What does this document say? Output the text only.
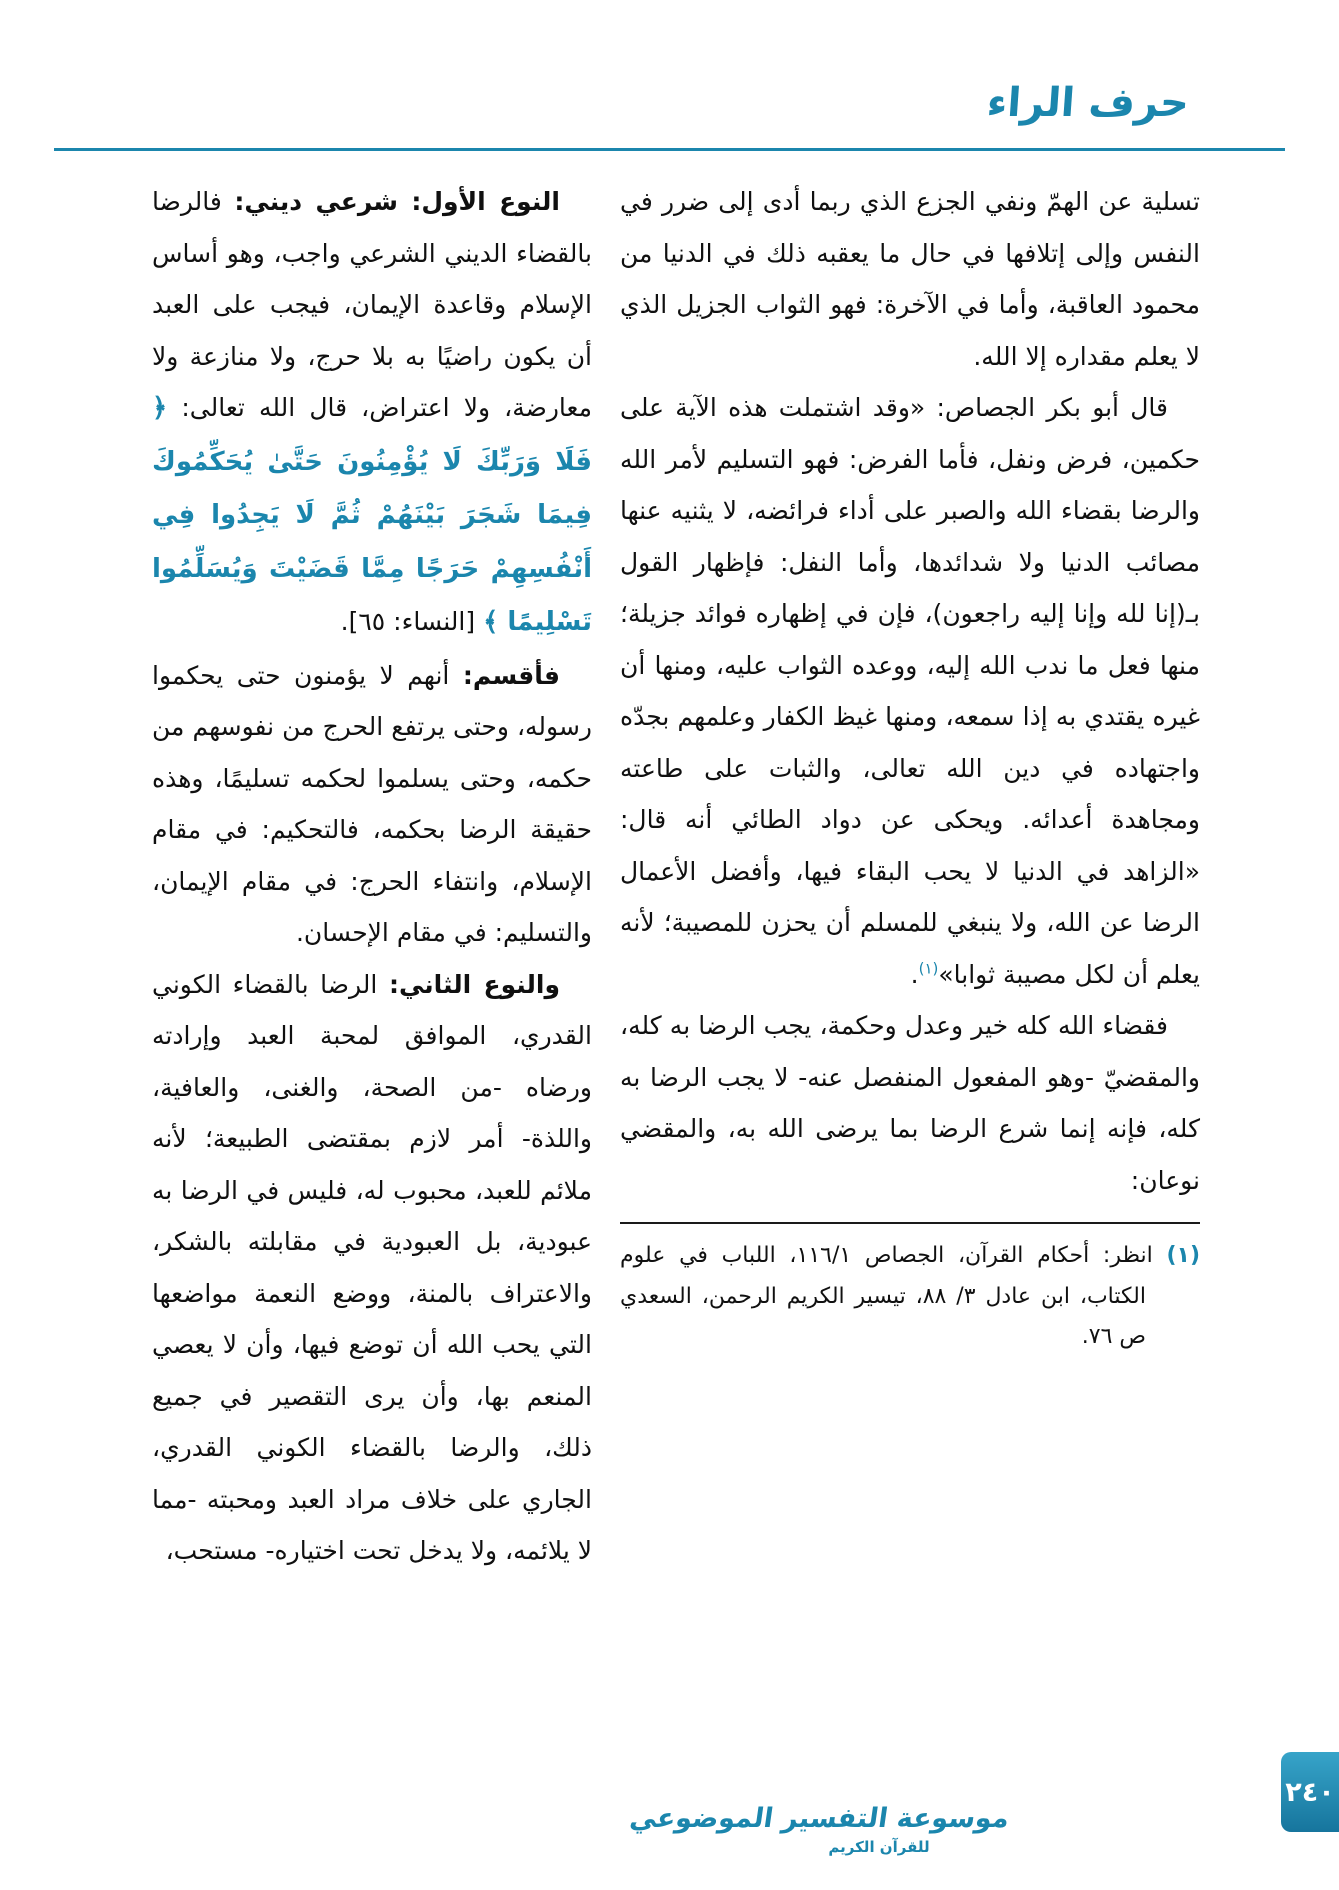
حرف الراء

تسلية عن الهمّ ونفي الجزع الذي ربما أدى إلى ضرر في النفس وإلى إتلافها في حال ما يعقبه ذلك في الدنيا من محمود العاقبة، وأما في الآخرة: فهو الثواب الجزيل الذي لا يعلم مقداره إلا الله.

قال أبو بكر الجصاص: «وقد اشتملت هذه الآية على حكمين، فرض ونفل، فأما الفرض: فهو التسليم لأمر الله والرضا بقضاء الله والصبر على أداء فرائضه، لا يثنيه عنها مصائب الدنيا ولا شدائدها، وأما النفل: فإظهار القول بـ(إنا لله وإنا إليه راجعون)، فإن في إظهاره فوائد جزيلة؛ منها فعل ما ندب الله إليه، ووعده الثواب عليه، ومنها أن غيره يقتدي به إذا سمعه، ومنها غيظ الكفار وعلمهم بجدّه واجتهاده في دين الله تعالى، والثبات على طاعته ومجاهدة أعدائه. ويحكى عن دواد الطائي أنه قال: «الزاهد في الدنيا لا يحب البقاء فيها، وأفضل الأعمال الرضا عن الله، ولا ينبغي للمسلم أن يحزن للمصيبة؛ لأنه يعلم أن لكل مصيبة ثوابا»$^{(١)}$.

فقضاء الله كله خير وعدل وحكمة، يجب الرضا به كله، والمقضيّ -وهو المفعول المنفصل عنه- لا يجب الرضا به كله، فإنه إنما شرع الرضا بما يرضى الله به، والمقضي نوعان:

(١) انظر: أحكام القرآن، الجصاص ١١٦/١، اللباب في علوم الكتاب، ابن عادل ٣/ ٨٨، تيسير الكريم الرحمن، السعدي ص ٧٦.

النوع الأول: شرعي ديني: فالرضا بالقضاء الديني الشرعي واجب، وهو أساس الإسلام وقاعدة الإيمان، فيجب على العبد أن يكون راضيًا به بلا حرج، ولا منازعة ولا معارضة، ولا اعتراض، قال الله تعالى: ﴿ فَلَا وَرَبِّكَ لَا يُؤْمِنُونَ حَتَّىٰ يُحَكِّمُوكَ فِيمَا شَجَرَ بَيْنَهُمْ ثُمَّ لَا يَجِدُوا فِي أَنْفُسِهِمْ حَرَجًا مِمَّا قَضَيْتَ وَيُسَلِّمُوا تَسْلِيمًا ﴾ [النساء: ٦٥].

فأقسم: أنهم لا يؤمنون حتى يحكموا رسوله، وحتى يرتفع الحرج من نفوسهم من حكمه، وحتى يسلموا لحكمه تسليمًا، وهذه حقيقة الرضا بحكمه، فالتحكيم: في مقام الإسلام، وانتفاء الحرج: في مقام الإيمان، والتسليم: في مقام الإحسان.

والنوع الثاني: الرضا بالقضاء الكوني القدري، الموافق لمحبة العبد وإرادته ورضاه -من الصحة، والغنى، والعافية، واللذة- أمر لازم بمقتضى الطبيعة؛ لأنه ملائم للعبد، محبوب له، فليس في الرضا به عبودية، بل العبودية في مقابلته بالشكر، والاعتراف بالمنة، ووضع النعمة مواضعها التي يحب الله أن توضع فيها، وأن لا يعصي المنعم بها، وأن يرى التقصير في جميع ذلك، والرضا بالقضاء الكوني القدري، الجاري على خلاف مراد العبد ومحبته -مما لا يلائمه، ولا يدخل تحت اختياره- مستحب،

موسوعة التفسير الموضوعي
للقرآن الكريم
٢٤٠
